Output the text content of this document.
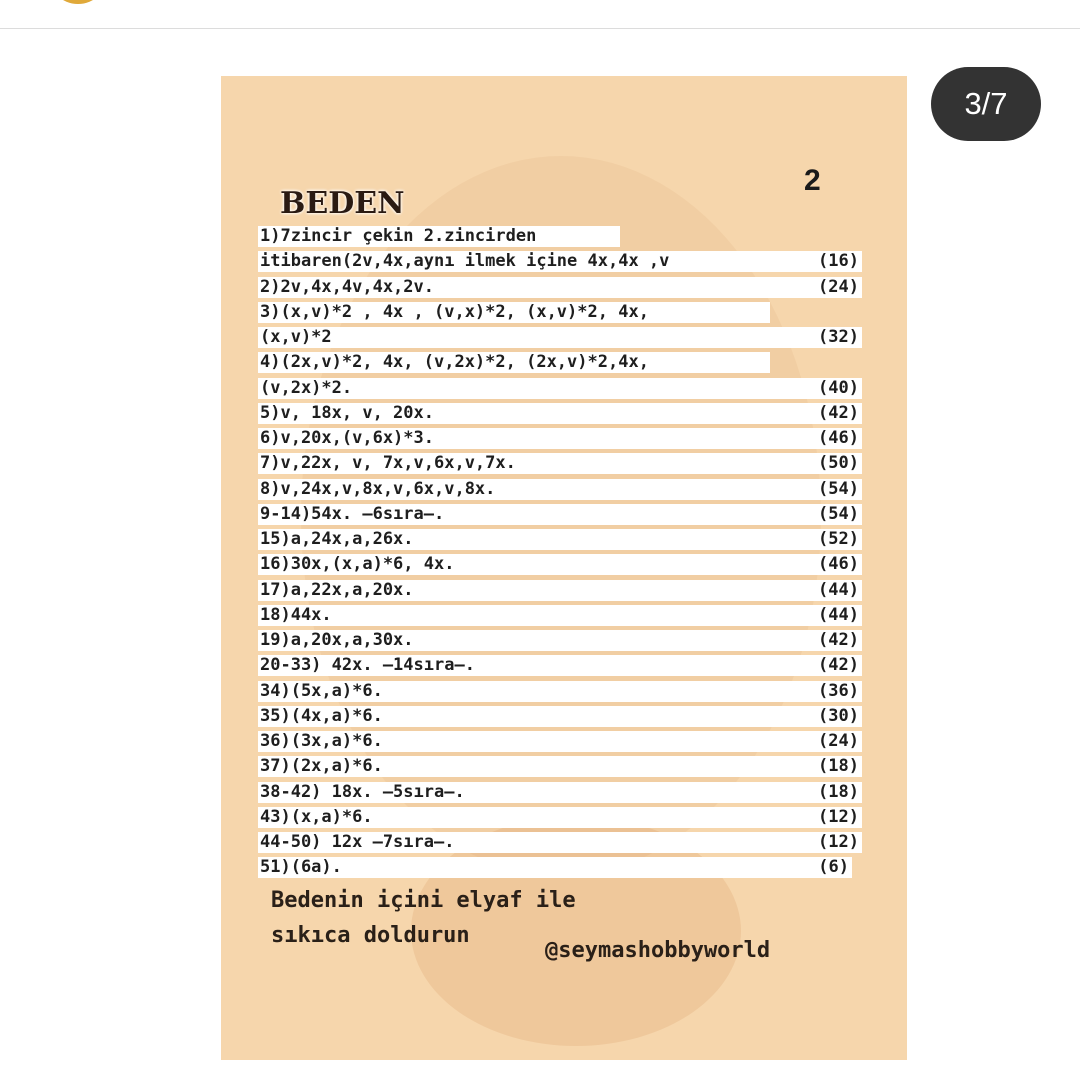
3/7
2
BEDEN
1)7zincir çekin 2.zincirden
itibaren(2v,4x,aynı ilmek içine 4x,4x ,v	(16)
2)2v,4x,4v,4x,2v.	(24)
3)(x,v)*2 , 4x , (v,x)*2, (x,v)*2, 4x,
(x,v)*2	(32)
4)(2x,v)*2, 4x, (v,2x)*2, (2x,v)*2,4x,
(v,2x)*2.	(40)
5)v, 18x, v, 20x.	(42)
6)v,20x,(v,6x)*3.	(46)
7)v,22x, v, 7x,v,6x,v,7x.	(50)
8)v,24x,v,8x,v,6x,v,8x.	(54)
9-14)54x. —6sıra—.	(54)
15)a,24x,a,26x.	(52)
16)30x,(x,a)*6, 4x.	(46)
17)a,22x,a,20x.	(44)
18)44x.	(44)
19)a,20x,a,30x.	(42)
20-33) 42x. —14sıra—.	(42)
34)(5x,a)*6.	(36)
35)(4x,a)*6.	(30)
36)(3x,a)*6.	(24)
37)(2x,a)*6.	(18)
38-42) 18x. —5sıra—.	(18)
43)(x,a)*6.	(12)
44-50) 12x —7sıra—.	(12)
51)(6a).	(6)
Bedenin içini elyaf ile
sıkıca doldurun
@seymashobbyworld
